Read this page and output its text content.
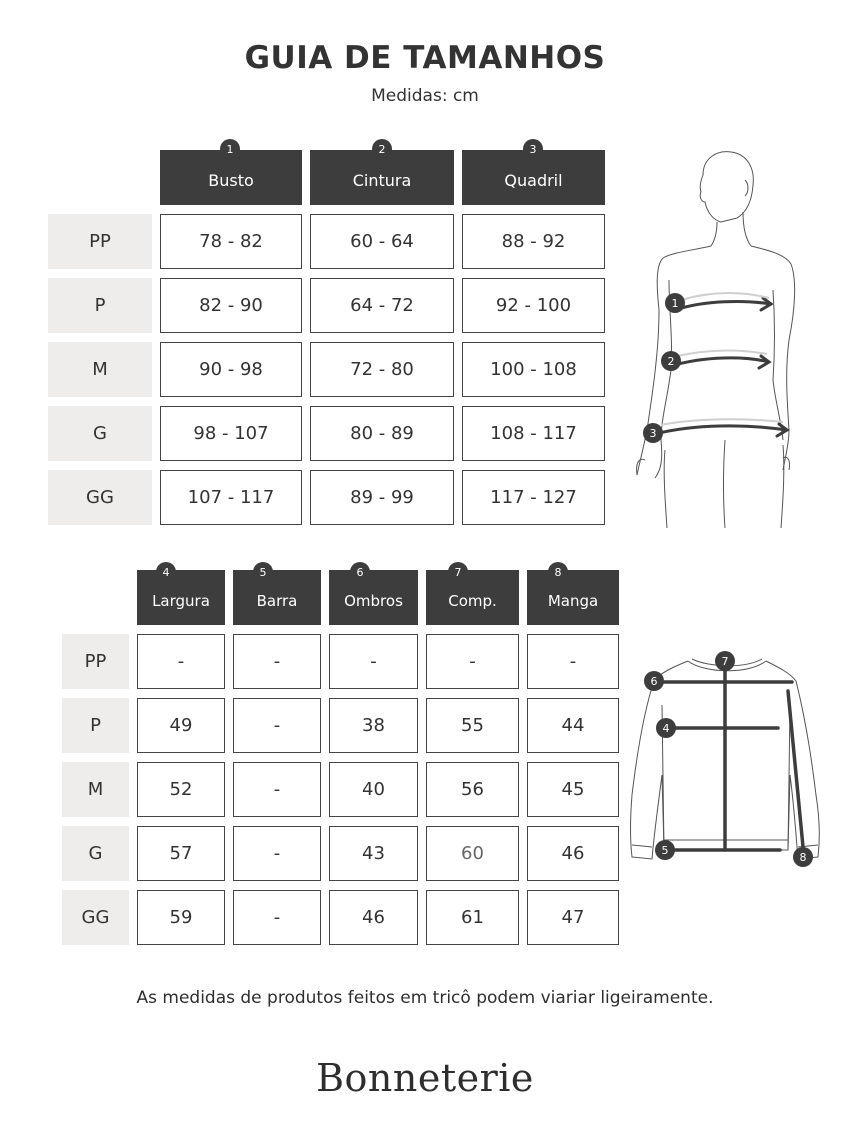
GUIA DE TAMANHOS
Medidas: cm
Busto	Cintura	Quadril
1	2	3
PP	78 - 82	60 - 64	88 - 92
P	82 - 90	64 - 72	92 - 100
M	90 - 98	72 - 80	100 - 108
G	98 - 107	80 - 89	108 - 117
GG	107 - 117	89 - 99	117 - 127
1
2
3
Largura	Barra	Ombros	Comp.	Manga
4	5	6	7	8
PP	-	-	-	-	-
P	49	-	38	55	44
M	52	-	40	56	45
G	57	-	43	60	46
GG	59	-	46	61	47
6
7
4
5
8
As medidas de produtos feitos em tricô podem viariar ligeiramente.
Bonneterie
